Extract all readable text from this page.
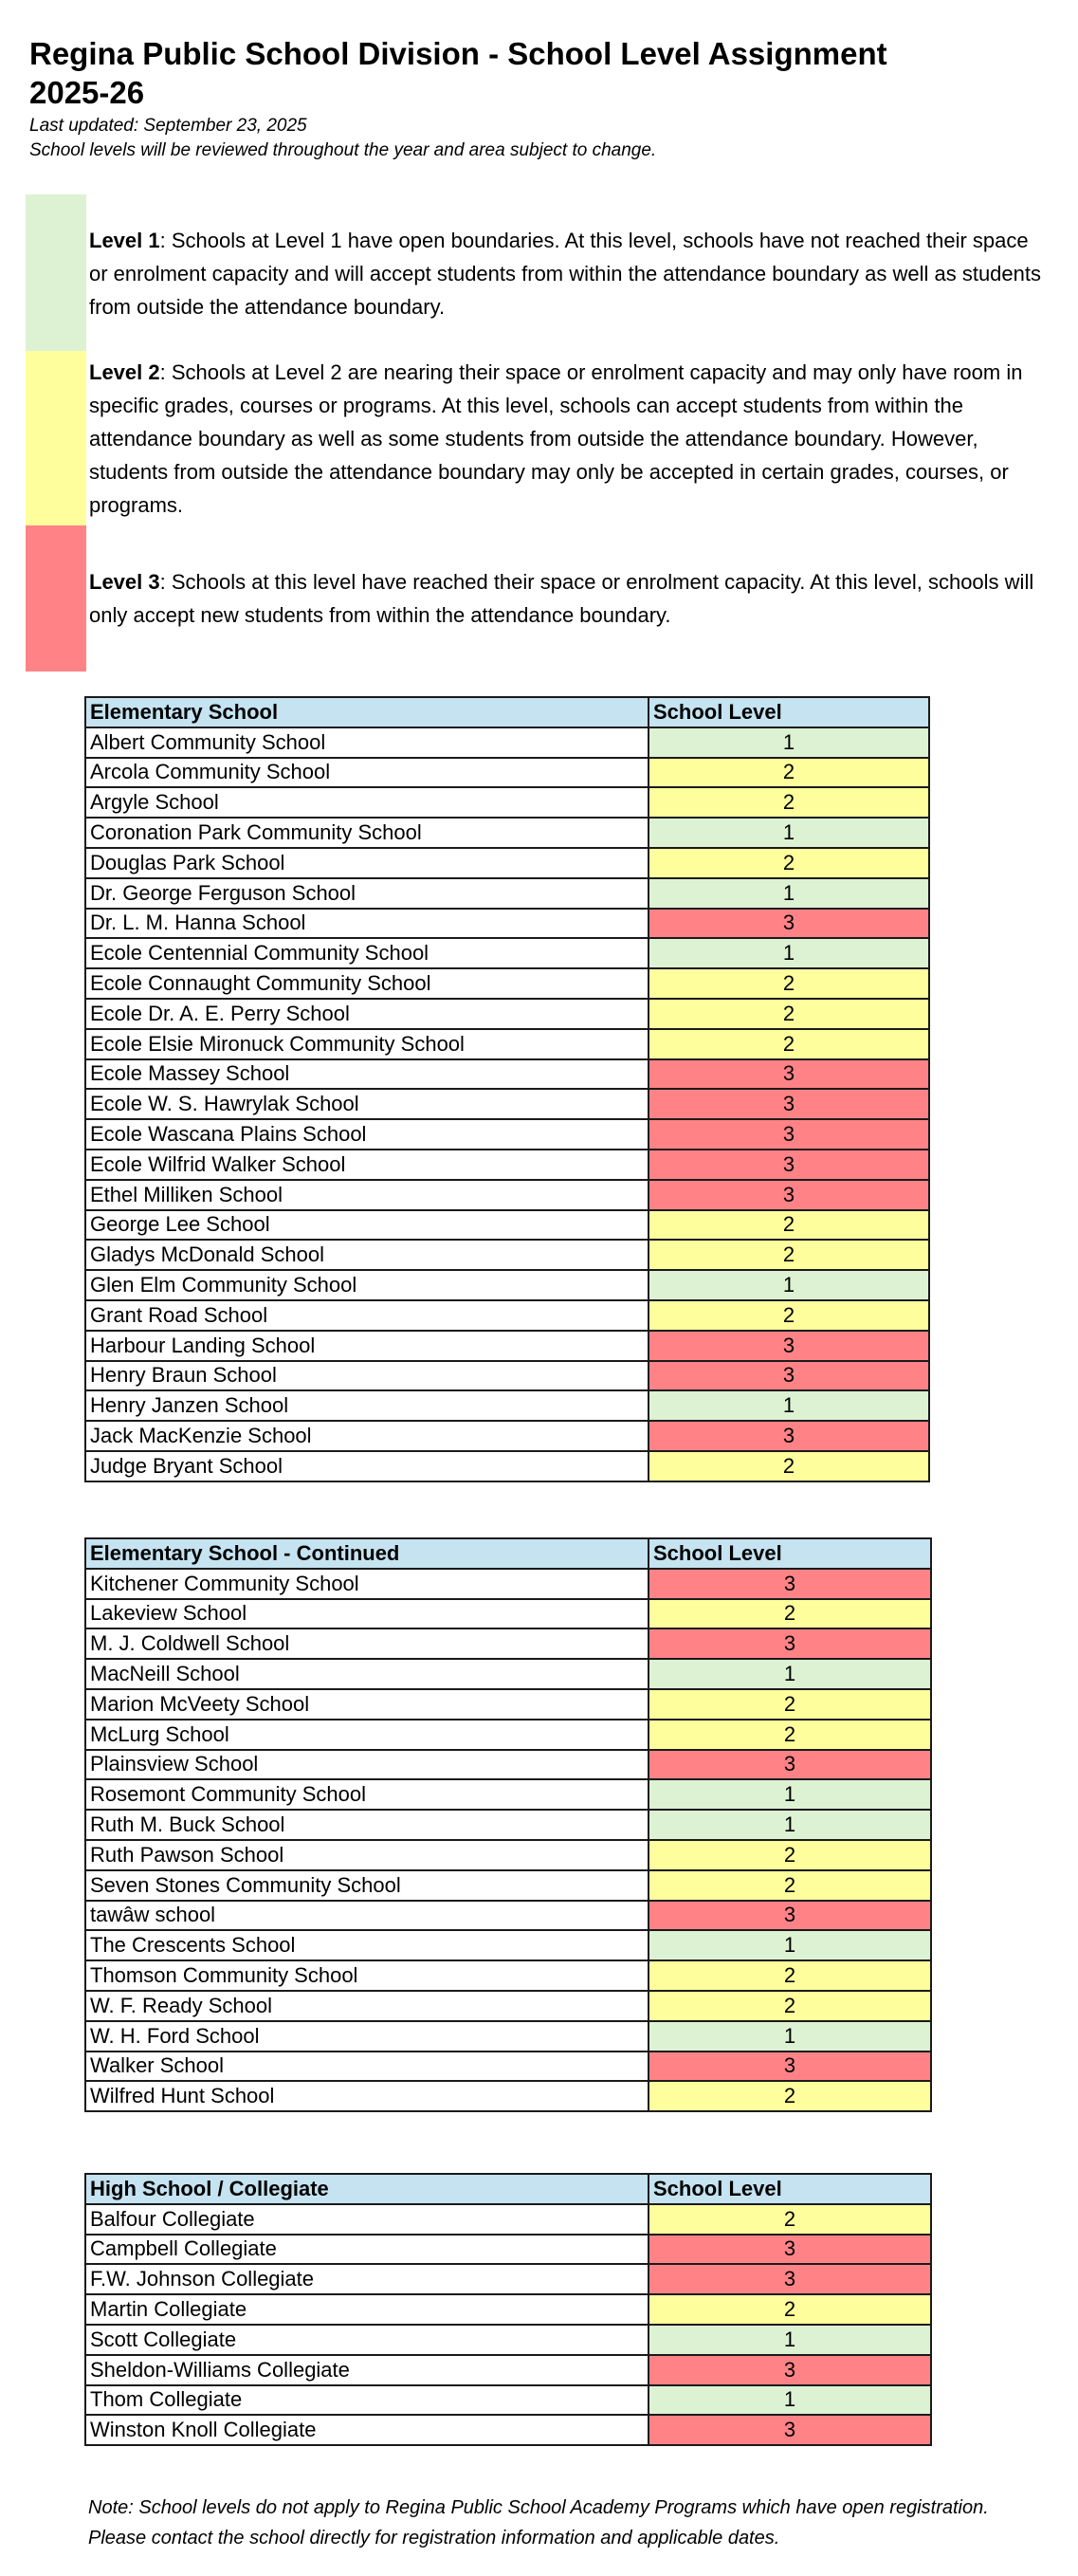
Regina Public School Division - School Level Assignment
2025-26
Last updated: September 23, 2025
School levels will be reviewed throughout the year and area subject to change.
Level 1: Schools at Level 1 have open boundaries. At this level, schools have not reached their space or enrolment capacity and will accept students from within the attendance boundary as well as students from outside the attendance boundary.
Level 2: Schools at Level 2 are nearing their space or enrolment capacity and may only have room in specific grades, courses or programs. At this level, schools can accept students from within the attendance boundary as well as some students from outside the attendance boundary. However, students from outside the attendance boundary may only be accepted in certain grades, courses, or programs.
Level 3: Schools at this level have reached their space or enrolment capacity. At this level, schools will only accept new students from within the attendance boundary.
Elementary School	School Level
Albert Community School	1
Arcola Community School	2
Argyle School	2
Coronation Park Community School	1
Douglas Park School	2
Dr. George Ferguson School	1
Dr. L. M. Hanna School	3
Ecole Centennial Community School	1
Ecole Connaught Community School	2
Ecole Dr. A. E. Perry School	2
Ecole Elsie Mironuck Community School	2
Ecole Massey School	3
Ecole W. S. Hawrylak School	3
Ecole Wascana Plains School	3
Ecole Wilfrid Walker School	3
Ethel Milliken School	3
George Lee School	2
Gladys McDonald School	2
Glen Elm Community School	1
Grant Road School	2
Harbour Landing School	3
Henry Braun School	3
Henry Janzen School	1
Jack MacKenzie School	3
Judge Bryant School	2
Elementary School - Continued	School Level
Kitchener Community School	3
Lakeview School	2
M. J. Coldwell School	3
MacNeill School	1
Marion McVeety School	2
McLurg School	2
Plainsview School	3
Rosemont Community School	1
Ruth M. Buck School	1
Ruth Pawson School	2
Seven Stones Community School	2
tawâw school	3
The Crescents School	1
Thomson Community School	2
W. F. Ready School	2
W. H. Ford School	1
Walker School	3
Wilfred Hunt School	2
High School / Collegiate	School Level
Balfour Collegiate	2
Campbell Collegiate	3
F.W. Johnson Collegiate	3
Martin Collegiate	2
Scott Collegiate	1
Sheldon-Williams Collegiate	3
Thom Collegiate	1
Winston Knoll Collegiate	3
Note: School levels do not apply to Regina Public School Academy Programs which have open registration. Please contact the school directly for registration information and applicable dates.
